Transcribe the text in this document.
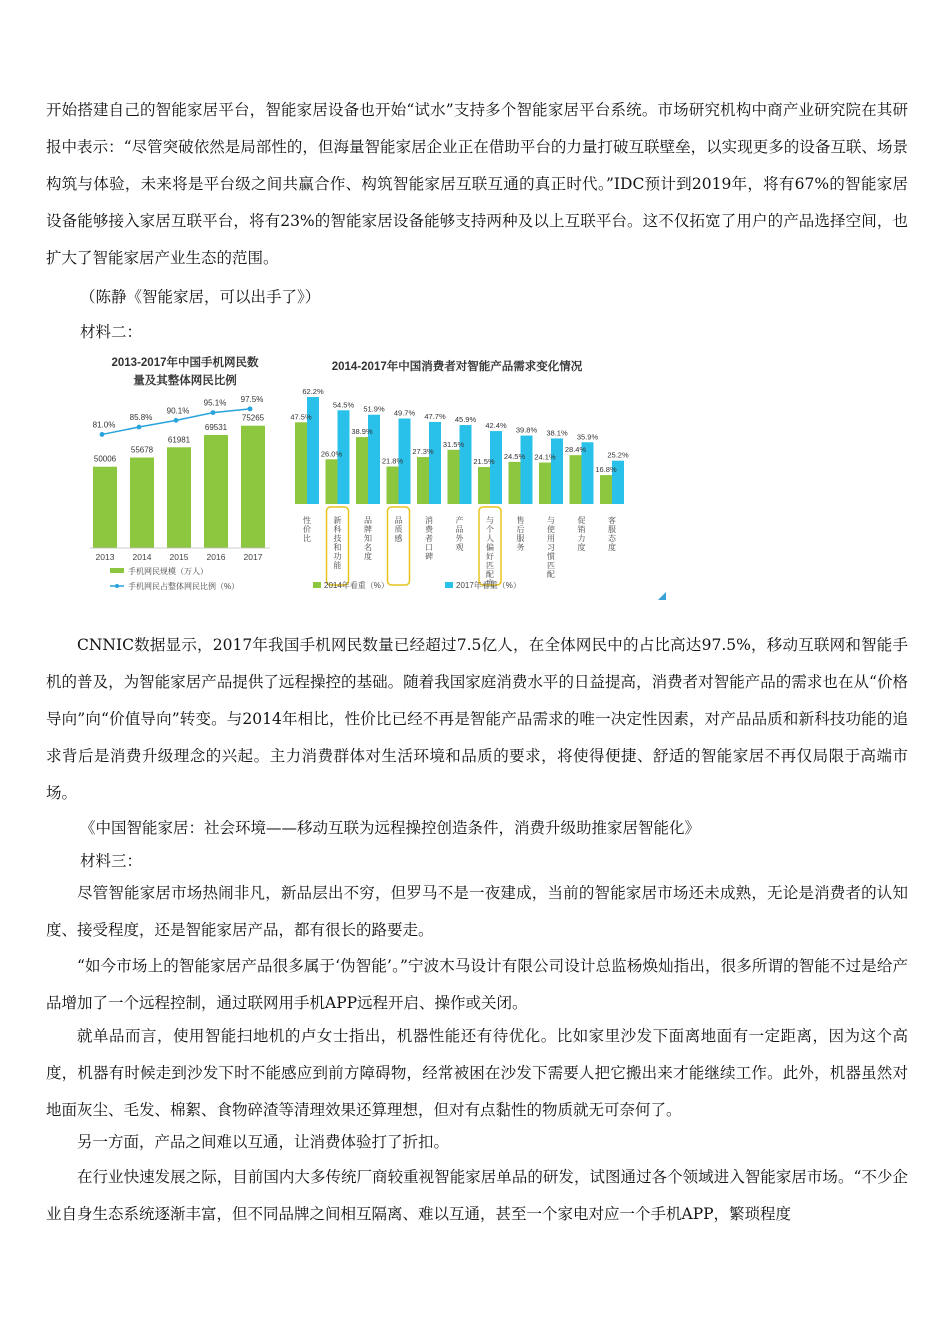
开始搭建自己的智能家居平台，智能家居设备也开始“试水”支持多个智能家居平台系统。市场研究机构中商产业研究院在其研报中表示：“尽管突破依然是局部性的，但海量智能家居企业正在借助平台的力量打破互联壁垒，以实现更多的设备互联、场景构筑与体验，未来将是平台级之间共赢合作、构筑智能家居互联互通的真正时代。”IDC预计到2019年，将有67%的智能家居设备能够接入家居互联平台，将有23%的智能家居设备能够支持两种及以上互联平台。这不仅拓宽了用户的产品选择空间，也扩大了智能家居产业生态的范围。

（陈静《智能家居，可以出手了》）
材料二：
2013-2017年中国手机网民数
量及其整体网民比例
50006
2013
55678
2014
61981
2015
69531
2016
75265
2017
81.0%
85.8%
90.1%
95.1% 97.5%
手机网民规模（万人）
手机网民占整体网民比例（%）
2014-2017年中国消费者对智能产品需求变化情况
47.5%
62.2%
性价比
26.0%
54.5%
新科技和功能
38.9%
51.9%
品牌知名度
21.8%
49.7%
品质感
27.3%
47.7%
消费者口碑
31.5%
45.9%
产品外观
21.5%
42.4%
与个人偏好匹配度
24.5%
39.8%
售后服务
24.1%
38.1%
与使用习惯匹配
28.4%
35.9%
促销力度
16.8%
25.2%
客服态度
2014年看重（%）	2017年看重（%）

CNNIC数据显示，2017年我国手机网民数量已经超过7.5亿人，在全体网民中的占比高达97.5%，移动互联网和智能手机的普及，为智能家居产品提供了远程操控的基础。随着我国家庭消费水平的日益提高，消费者对智能产品的需求也在从“价格导向”向“价值导向”转变。与2014年相比，性价比已经不再是智能产品需求的唯一决定性因素，对产品品质和新科技功能的追求背后是消费升级理念的兴起。主力消费群体对生活环境和品质的要求，将使得便捷、舒适的智能家居不再仅局限于高端市场。

《中国智能家居：社会环境——移动互联为远程操控创造条件，消费升级助推家居智能化》
材料三：

尽管智能家居市场热闹非凡，新品层出不穷，但罗马不是一夜建成，当前的智能家居市场还未成熟，无论是消费者的认知度、接受程度，还是智能家居产品，都有很长的路要走。

“如今市场上的智能家居产品很多属于‘伪智能’。”宁波木马设计有限公司设计总监杨焕灿指出，很多所谓的智能不过是给产品增加了一个远程控制，通过联网用手机APP远程开启、操作或关闭。

就单品而言，使用智能扫地机的卢女士指出，机器性能还有待优化。比如家里沙发下面离地面有一定距离，因为这个高度，机器有时候走到沙发下时不能感应到前方障碍物，经常被困在沙发下需要人把它搬出来才能继续工作。此外，机器虽然对地面灰尘、毛发、棉絮、食物碎渣等清理效果还算理想，但对有点黏性的物质就无可奈何了。

另一方面，产品之间难以互通，让消费体验打了折扣。

在行业快速发展之际，目前国内大多传统厂商较重视智能家居单品的研发，试图通过各个领域进入智能家居市场。“不少企业自身生态系统逐渐丰富，但不同品牌之间相互隔离、难以互通，甚至一个家电对应一个手机APP，繁琐程度
